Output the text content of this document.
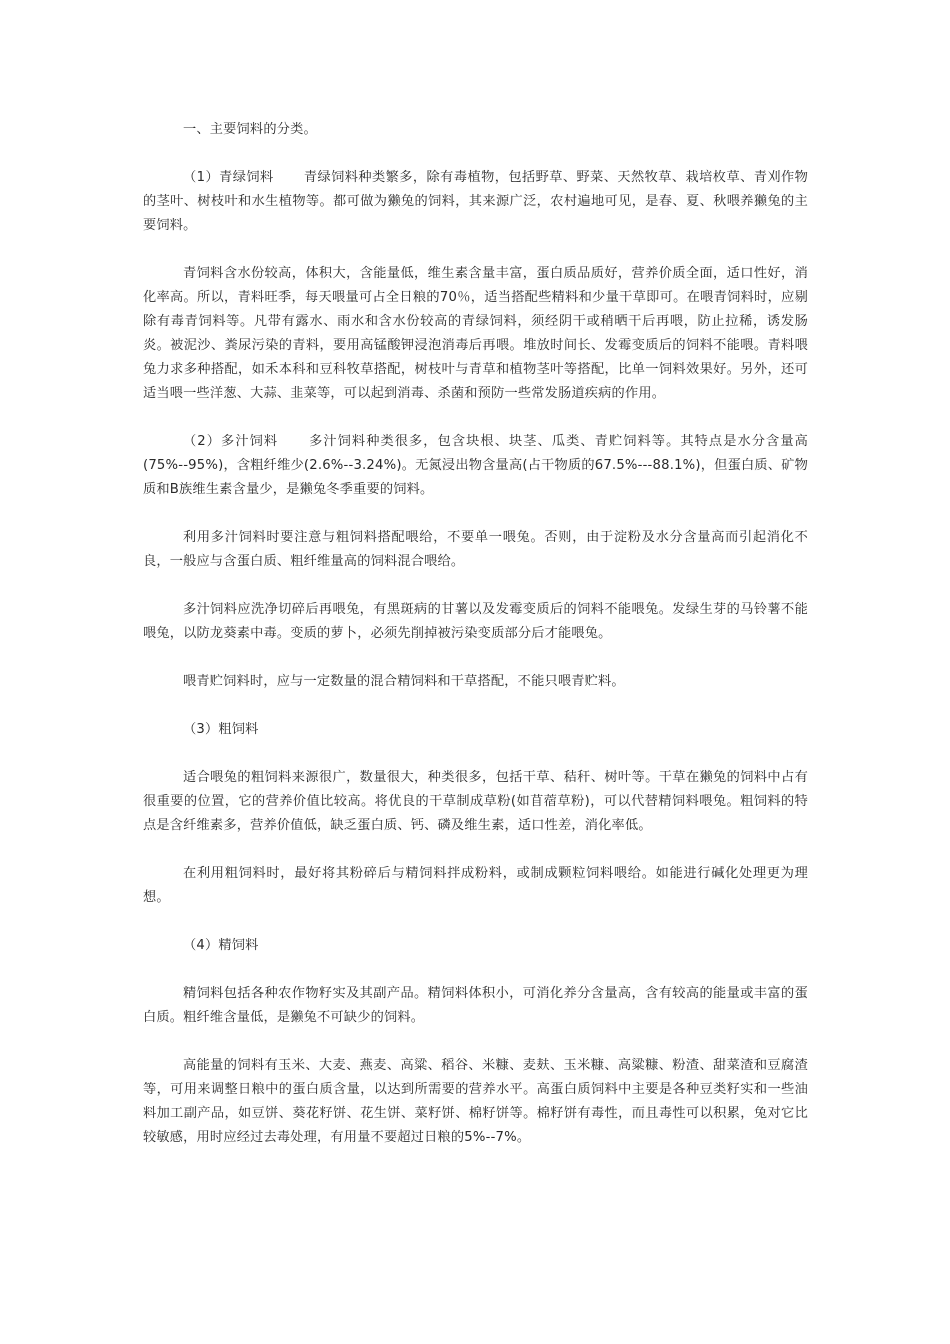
一、主要饲料的分类。

（1）青绿饲料 青绿饲料种类繁多，除有毒植物，包括野草、野菜、天然牧草、栽培枚草、青刈作物的茎叶、树枝叶和水生植物等。都可做为獭兔的饲料，其来源广泛，农村遍地可见，是春、夏、秋喂养獭兔的主要饲料。

青饲料含水份较高，体积大，含能量低，维生素含量丰富，蛋白质品质好，营养价质全面，适口性好，消化率高。所以，青料旺季，每天喂量可占全日粮的70％，适当搭配些精料和少量干草即可。在喂青饲料时，应剔除有毒青饲料等。凡带有露水、雨水和含水份较高的青绿饲料，须经阴干或稍晒干后再喂，防止拉稀，诱发肠炎。被泥沙、粪尿污染的青料，要用高锰酸钾浸泡消毒后再喂。堆放时间长、发霉变质后的饲料不能喂。青料喂兔力求多种搭配，如禾本科和豆科牧草搭配，树枝叶与青草和植物茎叶等搭配，比单一饲料效果好。另外，还可适当喂一些洋葱、大蒜、韭菜等，可以起到消毒、杀菌和预防一些常发肠道疾病的作用。

（2）多汁饲料 多汁饲料种类很多，包含块根、块茎、瓜类、青贮饲料等。其特点是水分含量高(75%--95%)，含粗纤维少(2.6%--3.24%)。无氮浸出物含量高(占干物质的67.5%---88.1%)，但蛋白质、矿物质和B族维生素含量少，是獭兔冬季重要的饲料。

利用多汁饲料时要注意与粗饲料搭配喂给，不要单一喂兔。否则，由于淀粉及水分含量高而引起消化不良，一般应与含蛋白质、粗纤维量高的饲料混合喂给。

多汁饲料应洗净切碎后再喂兔，有黑斑病的甘薯以及发霉变质后的饲料不能喂兔。发绿生芽的马铃薯不能喂兔，以防龙葵素中毒。变质的萝卜，必须先削掉被污染变质部分后才能喂兔。

喂青贮饲料时，应与一定数量的混合精饲料和干草搭配，不能只喂青贮料。

（3）粗饲料

适合喂兔的粗饲料来源很广，数量很大，种类很多，包括干草、秸秆、树叶等。干草在獭兔的饲料中占有很重要的位置，它的营养价值比较高。将优良的干草制成草粉(如苜蓿草粉)，可以代替精饲料喂兔。粗饲料的特点是含纤维素多，营养价值低，缺乏蛋白质、钙、磷及维生素，适口性差，消化率低。

在利用粗饲料时，最好将其粉碎后与精饲料拌成粉料，或制成颗粒饲料喂给。如能进行碱化处理更为理想。

（4）精饲料

精饲料包括各种农作物籽实及其副产品。精饲料体积小，可消化养分含量高，含有较高的能量或丰富的蛋白质。粗纤维含量低，是獭兔不可缺少的饲料。

高能量的饲料有玉米、大麦、燕麦、高粱、稻谷、米糠、麦麸、玉米糠、高粱糠、粉渣、甜菜渣和豆腐渣等，可用来调整日粮中的蛋白质含量，以达到所需要的营养水平。高蛋白质饲料中主要是各种豆类籽实和一些油料加工副产品，如豆饼、葵花籽饼、花生饼、菜籽饼、棉籽饼等。棉籽饼有毒性，而且毒性可以积累，兔对它比较敏感，用时应经过去毒处理，有用量不要超过日粮的5%--7%。
